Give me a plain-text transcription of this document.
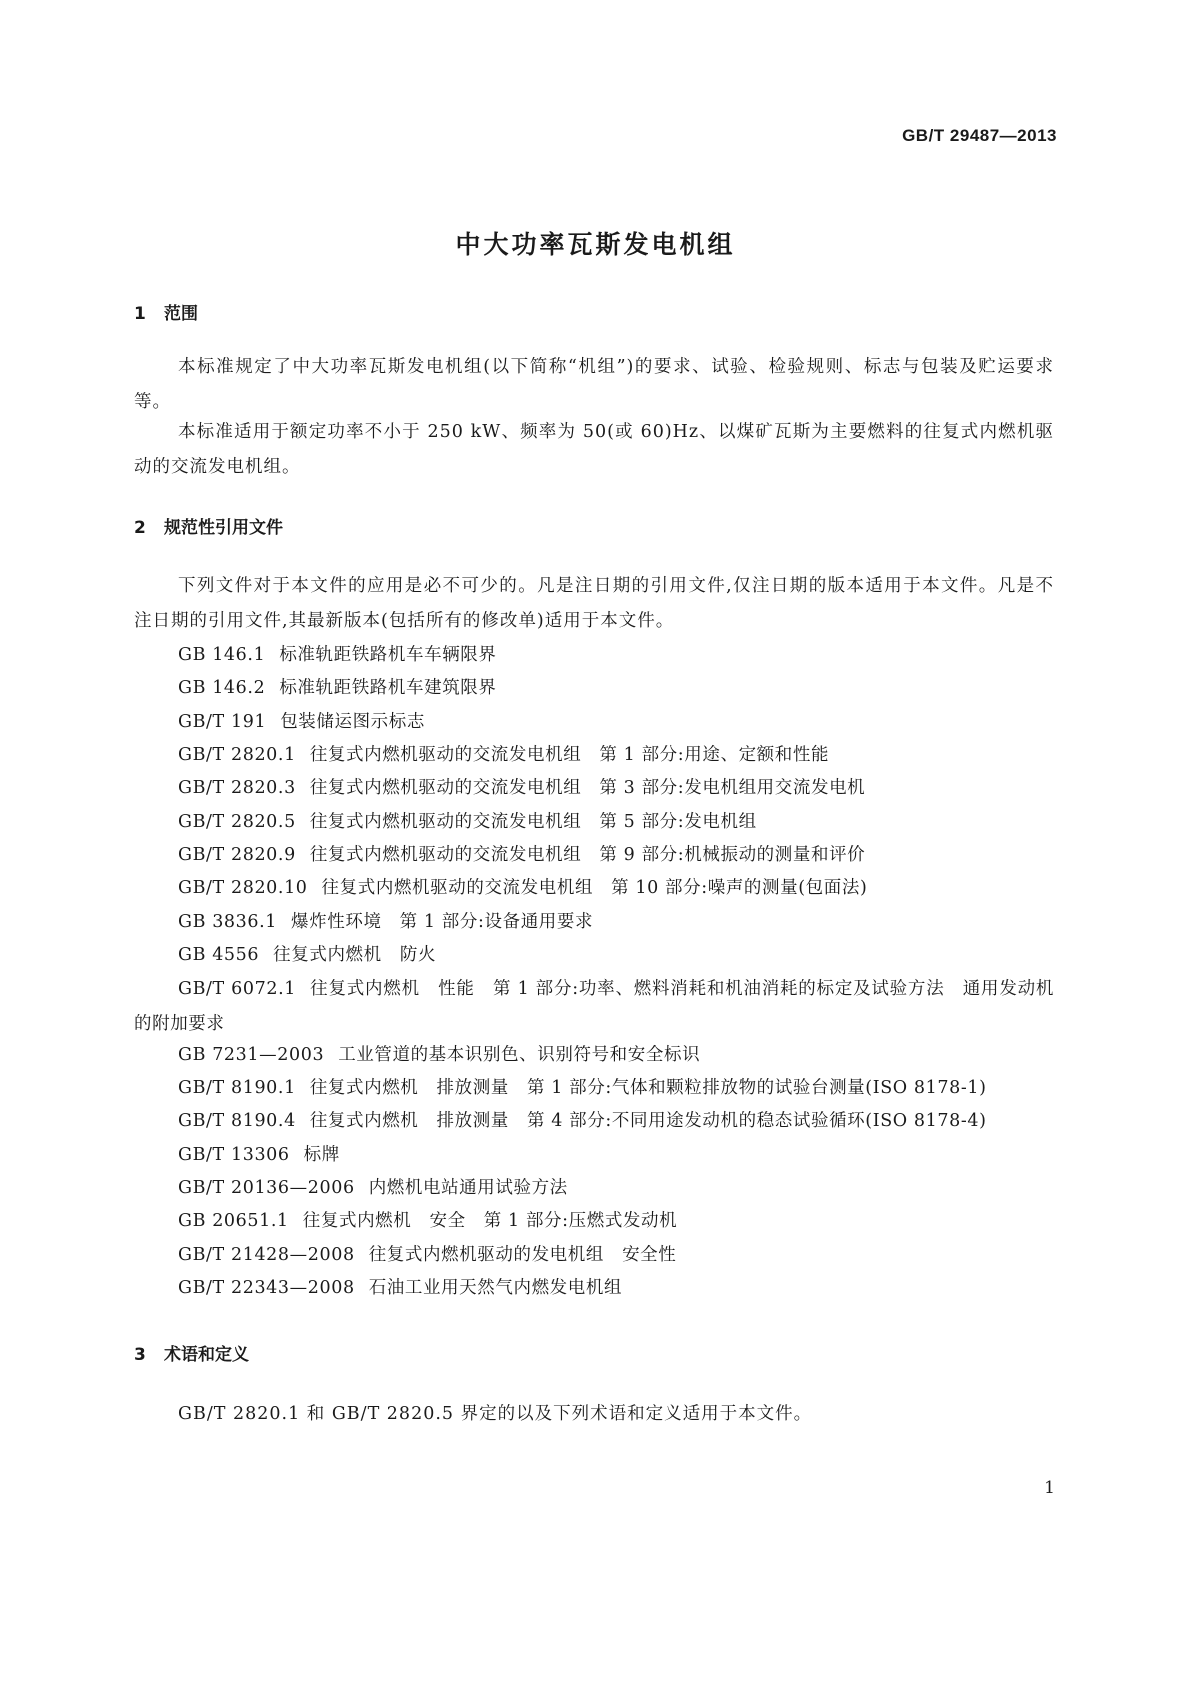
GB/T 29487—2013
中大功率瓦斯发电机组
1 范围
本标准规定了中大功率瓦斯发电机组(以下简称“机组”)的要求、试验、检验规则、标志与包装及贮运要求等。
本标准适用于额定功率不小于 250 kW、频率为 50(或 60)Hz、以煤矿瓦斯为主要燃料的往复式内燃机驱动的交流发电机组。
2 规范性引用文件
下列文件对于本文件的应用是必不可少的。凡是注日期的引用文件,仅注日期的版本适用于本文件。凡是不注日期的引用文件,其最新版本(包括所有的修改单)适用于本文件。
GB 146.1 标准轨距铁路机车车辆限界
GB 146.2 标准轨距铁路机车建筑限界
GB/T 191 包装储运图示标志
GB/T 2820.1 往复式内燃机驱动的交流发电机组　第 1 部分:用途、定额和性能
GB/T 2820.3 往复式内燃机驱动的交流发电机组　第 3 部分:发电机组用交流发电机
GB/T 2820.5 往复式内燃机驱动的交流发电机组　第 5 部分:发电机组
GB/T 2820.9 往复式内燃机驱动的交流发电机组　第 9 部分:机械振动的测量和评价
GB/T 2820.10 往复式内燃机驱动的交流发电机组　第 10 部分:噪声的测量(包面法)
GB 3836.1 爆炸性环境　第 1 部分:设备通用要求
GB 4556 往复式内燃机　防火
GB/T 6072.1 往复式内燃机　性能　第 1 部分:功率、燃料消耗和机油消耗的标定及试验方法　通用发动机的附加要求
GB 7231—2003 工业管道的基本识别色、识别符号和安全标识
GB/T 8190.1 往复式内燃机　排放测量　第 1 部分:气体和颗粒排放物的试验台测量(ISO 8178-1)
GB/T 8190.4 往复式内燃机　排放测量　第 4 部分:不同用途发动机的稳态试验循环(ISO 8178-4)
GB/T 13306 标牌
GB/T 20136—2006 内燃机电站通用试验方法
GB 20651.1 往复式内燃机　安全　第 1 部分:压燃式发动机
GB/T 21428—2008 往复式内燃机驱动的发电机组　安全性
GB/T 22343—2008 石油工业用天然气内燃发电机组
3 术语和定义
GB/T 2820.1 和 GB/T 2820.5 界定的以及下列术语和定义适用于本文件。
1
